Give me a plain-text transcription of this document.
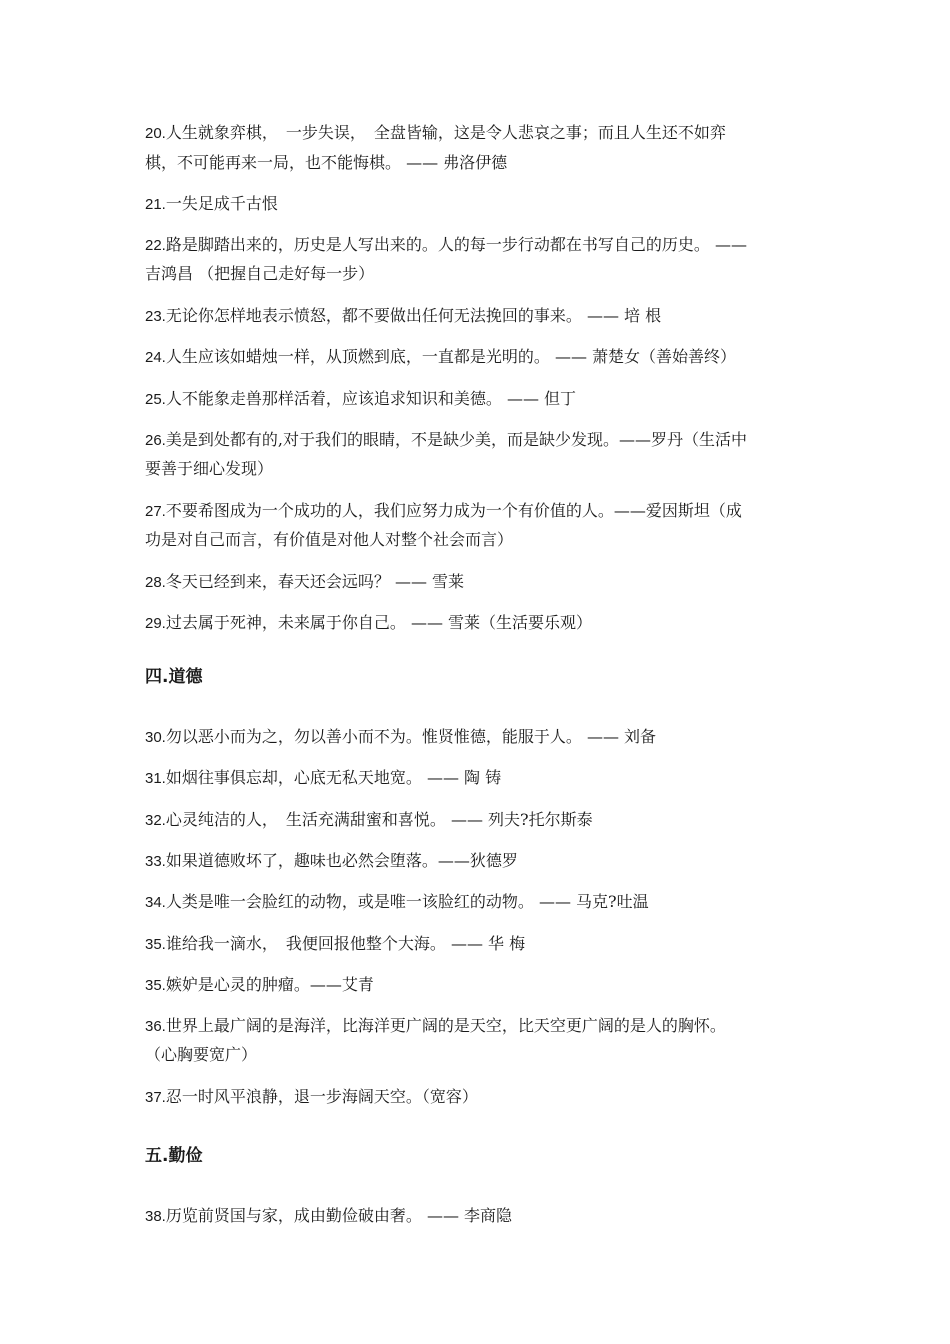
20.人生就象弈棋，　一步失误，　全盘皆输，这是令人悲哀之事；而且人生还不如弈
棋，不可能再来一局，也不能悔棋。 —— 弗洛伊德
21.一失足成千古恨
22.路是脚踏出来的，历史是人写出来的。人的每一步行动都在书写自己的历史。 ——
吉鸿昌 （把握自己走好每一步）
23.无论你怎样地表示愤怒，都不要做出任何无法挽回的事来。 —— 培 根
24.人生应该如蜡烛一样，从顶燃到底，一直都是光明的。 —— 萧楚女（善始善终）
25.人不能象走兽那样活着，应该追求知识和美德。 —— 但丁
26.美是到处都有的,对于我们的眼睛，不是缺少美，而是缺少发现。——罗丹（生活中
要善于细心发现）
27.不要希图成为一个成功的人，我们应努力成为一个有价值的人。——爱因斯坦（成
功是对自己而言，有价值是对他人对整个社会而言）
28.冬天已经到来，春天还会远吗？ —— 雪莱
29.过去属于死神，未来属于你自己。 —— 雪莱（生活要乐观）
四.道德
30.勿以恶小而为之，勿以善小而不为。惟贤惟德，能服于人。 —— 刘备
31.如烟往事俱忘却，心底无私天地宽。 —— 陶 铸
32.心灵纯洁的人，　生活充满甜蜜和喜悦。 —— 列夫?托尔斯泰
33.如果道德败坏了，趣味也必然会堕落。——狄德罗
34.人类是唯一会脸红的动物，或是唯一该脸红的动物。 —— 马克?吐温
35.谁给我一滴水，　我便回报他整个大海。 —— 华 梅
35.嫉妒是心灵的肿瘤。——艾青
36.世界上最广阔的是海洋，比海洋更广阔的是天空，比天空更广阔的是人的胸怀。
（心胸要宽广）
37.忍一时风平浪静，退一步海阔天空。（宽容）
五.勤俭
38.历览前贤国与家，成由勤俭破由奢。 —— 李商隐
